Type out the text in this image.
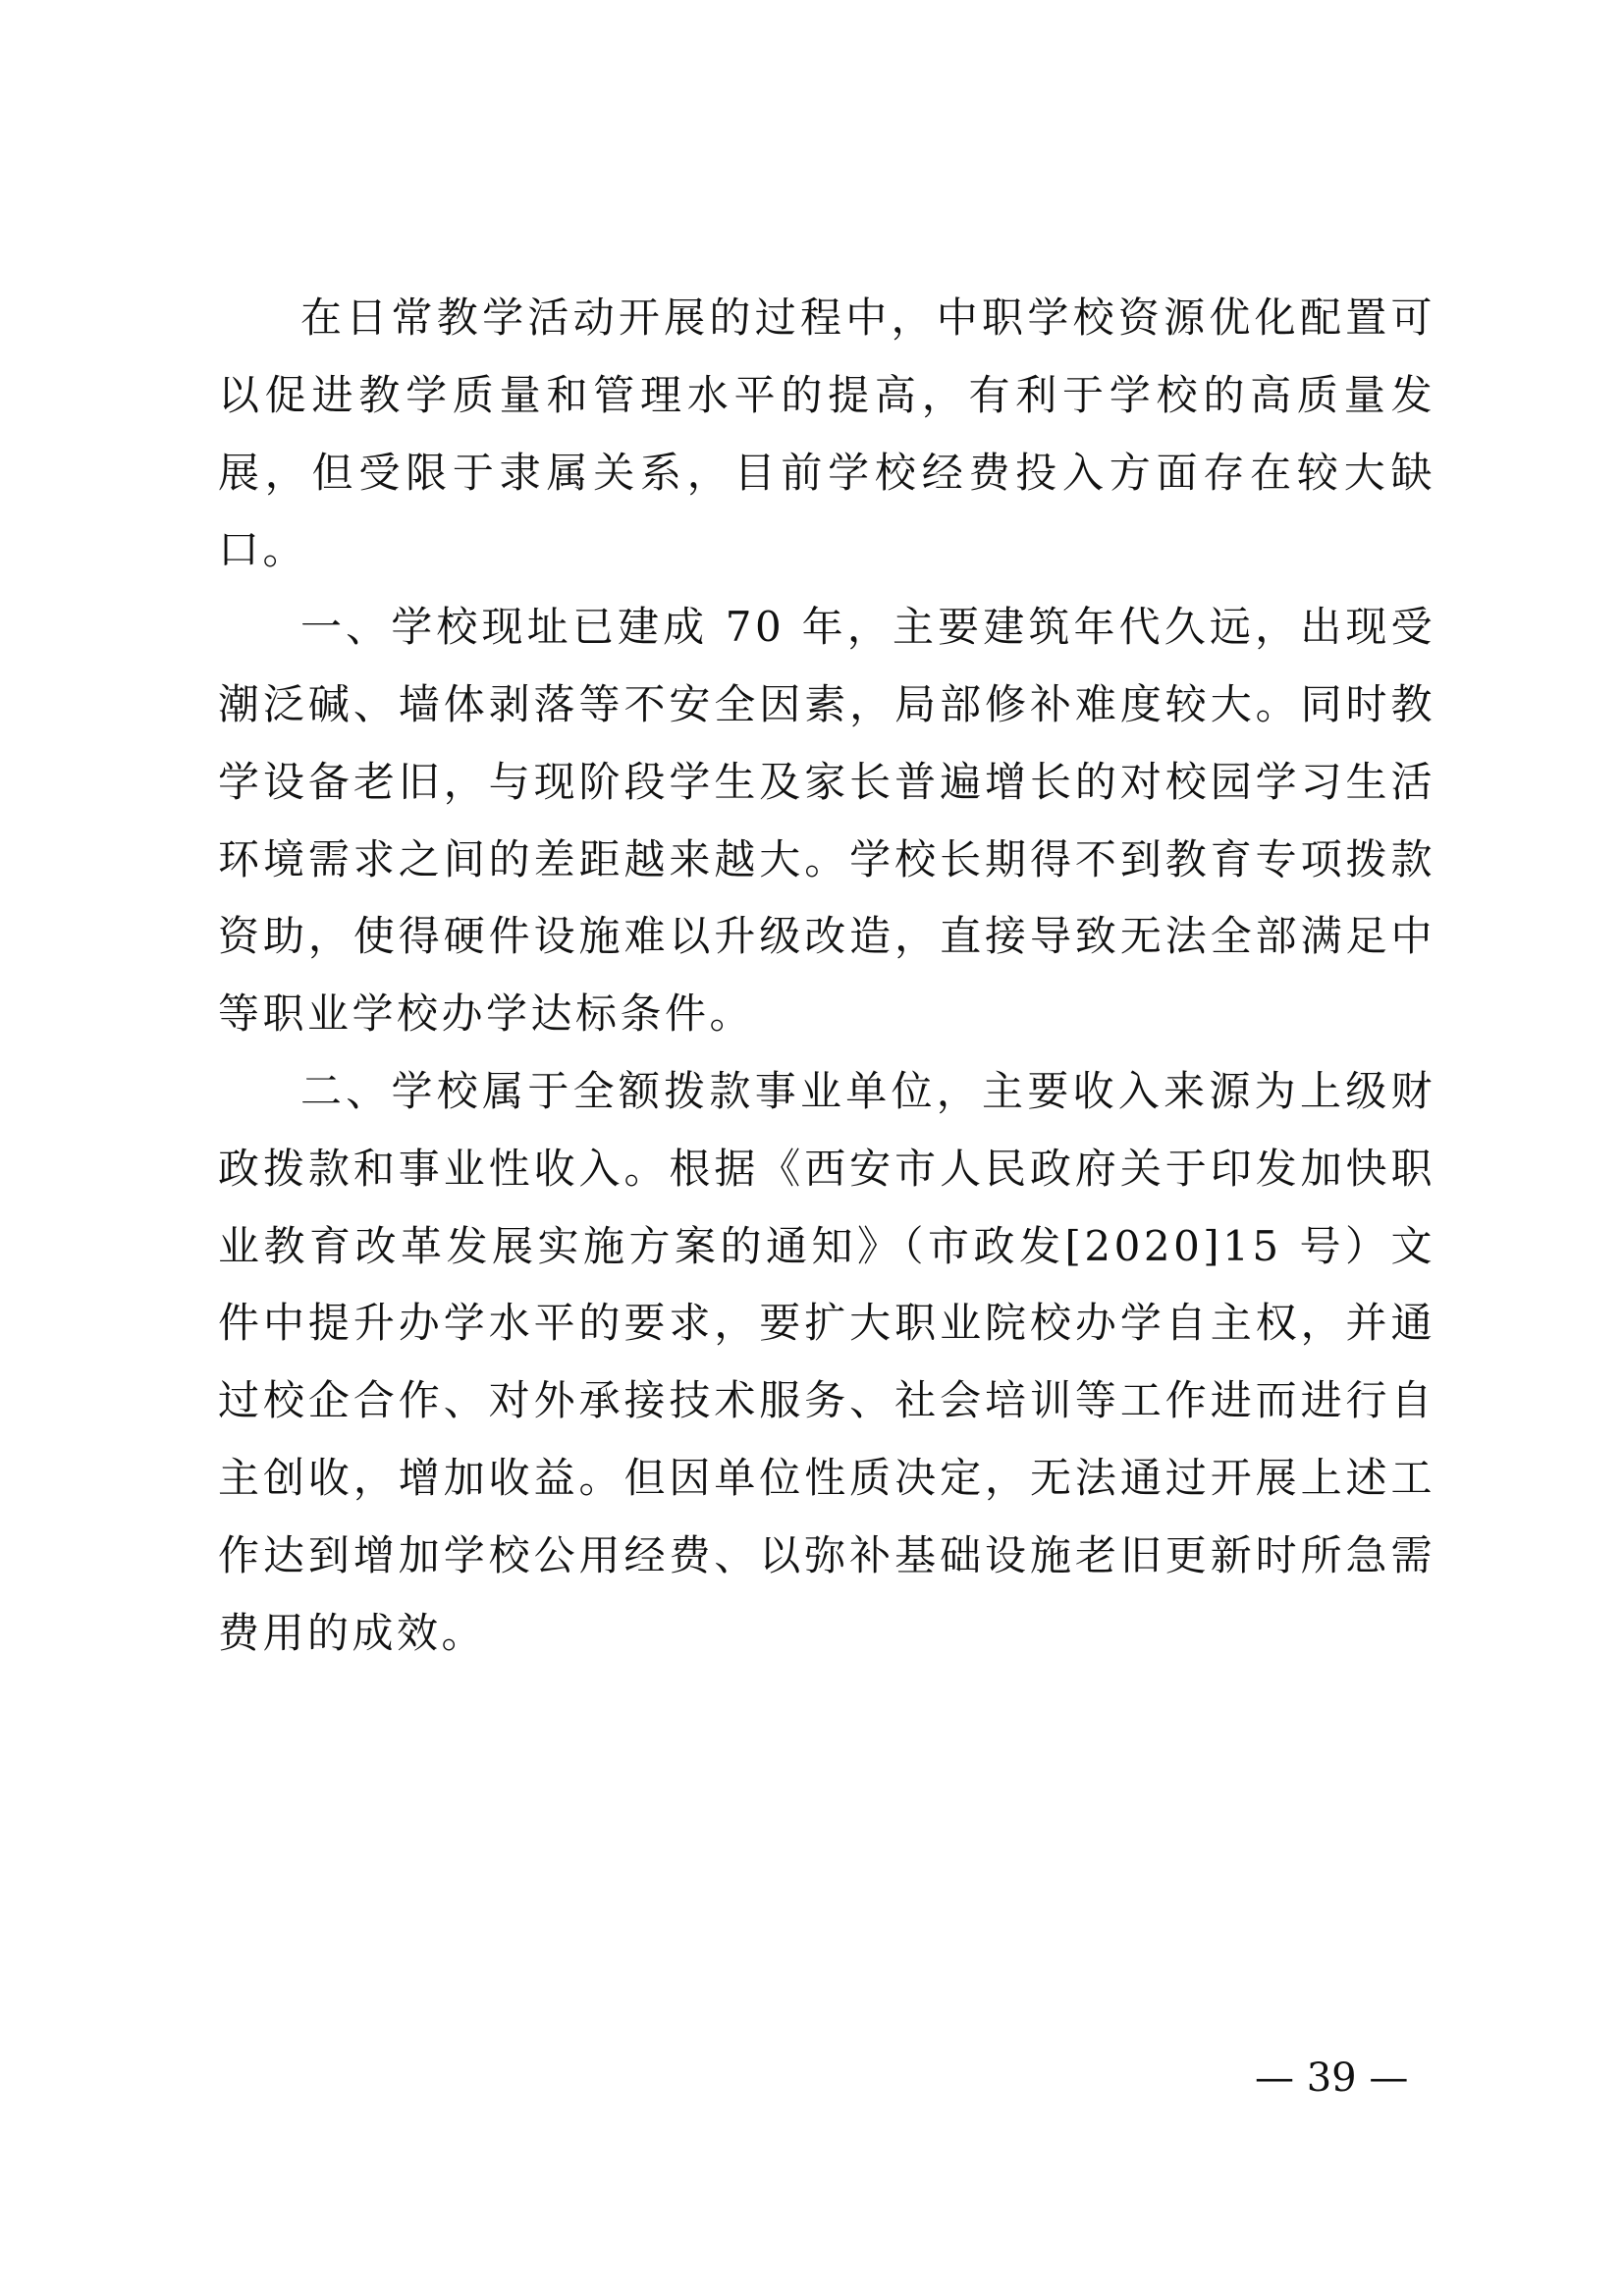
在日常教学活动开展的过程中，中职学校资源优化配置可以促进教学质量和管理水平的提高，有利于学校的高质量发展，但受限于隶属关系，目前学校经费投入方面存在较大缺口。

一、学校现址已建成 70 年，主要建筑年代久远，出现受潮泛碱、墙体剥落等不安全因素，局部修补难度较大。同时教学设备老旧，与现阶段学生及家长普遍增长的对校园学习生活环境需求之间的差距越来越大。学校长期得不到教育专项拨款资助，使得硬件设施难以升级改造，直接导致无法全部满足中等职业学校办学达标条件。

二、学校属于全额拨款事业单位，主要收入来源为上级财政拨款和事业性收入。根据《西安市人民政府关于印发加快职业教育改革发展实施方案的通知》（市政发[2020]15 号）文件中提升办学水平的要求，要扩大职业院校办学自主权，并通过校企合作、对外承接技术服务、社会培训等工作进而进行自主创收，增加收益。但因单位性质决定，无法通过开展上述工作达到增加学校公用经费、以弥补基础设施老旧更新时所急需费用的成效。

— 39 —
